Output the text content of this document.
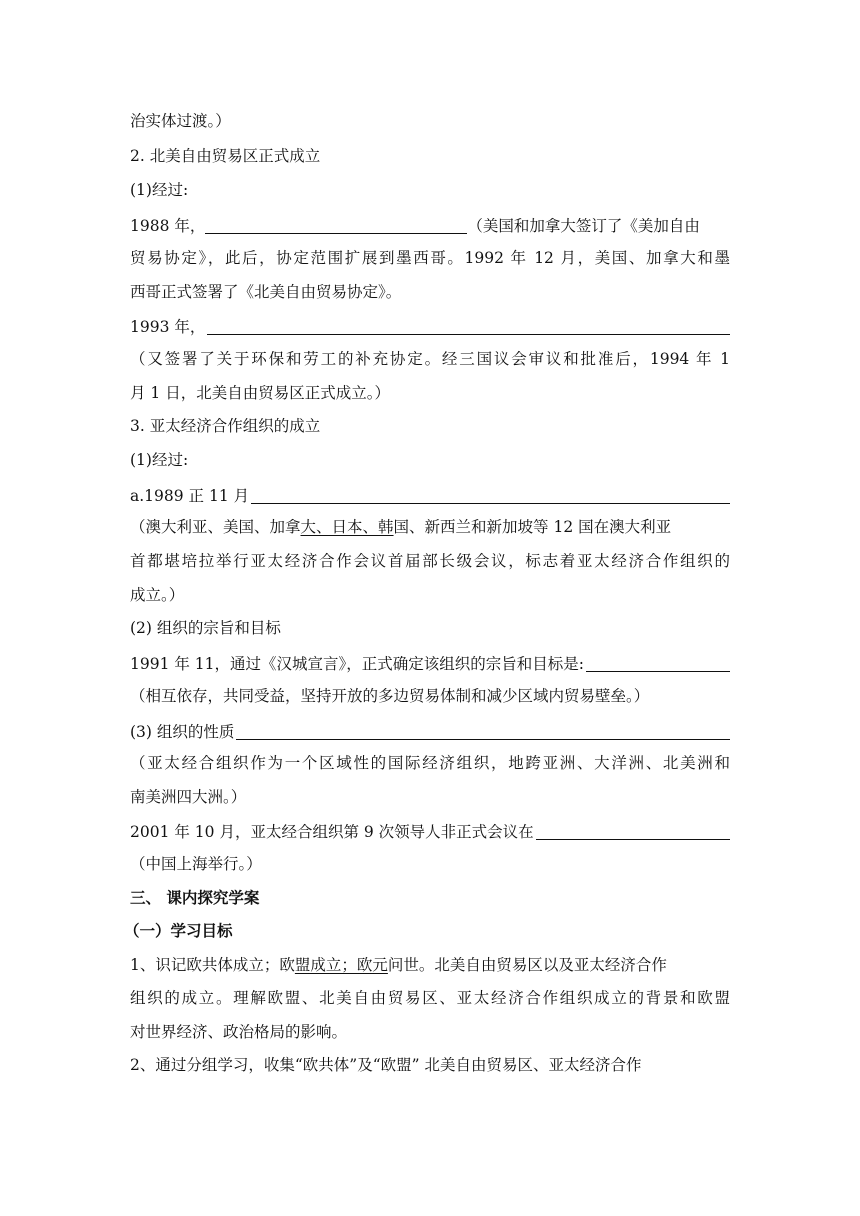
治实体过渡。）
2. 北美自由贸易区正式成立
(1)经过:
1988 年，	（美国和加拿大签订了《美加自由
贸易协定》，此后，协定范围扩展到墨西哥。1992 年 12 月，美国、加拿大和墨
西哥正式签署了《北美自由贸易协定》。
1993 年，
（又签署了关于环保和劳工的补充协定。经三国议会审议和批准后，1994 年 1
月 1 日，北美自由贸易区正式成立。）
3. 亚太经济合作组织的成立
(1)经过:
a.1989 正 11 月
（澳大利亚、美国、加拿大、日本、韩国、新西兰和新加坡等 12 国在澳大利亚
首都堪培拉举行亚太经济合作会议首届部长级会议，标志着亚太经济合作组织的
成立。）
(2) 组织的宗旨和目标
1991 年 11，通过《汉城宣言》，正式确定该组织的宗旨和目标是:
（相互依存，共同受益，坚持开放的多边贸易体制和减少区域内贸易壁垒。）
(3) 组织的性质
（亚太经合组织作为一个区域性的国际经济组织，地跨亚洲、大洋洲、北美洲和
南美洲四大洲。）
2001 年 10 月，亚太经合组织第 9 次领导人非正式会议在
（中国上海举行。）
三、 课内探究学案
（一）学习目标
1、识记欧共体成立；欧盟成立；欧元问世。北美自由贸易区以及亚太经济合作
组织的成立。理解欧盟、北美自由贸易区、亚太经济合作组织成立的背景和欧盟
对世界经济、政治格局的影响。
2、通过分组学习，收集“欧共体”及“欧盟” 北美自由贸易区、亚太经济合作
